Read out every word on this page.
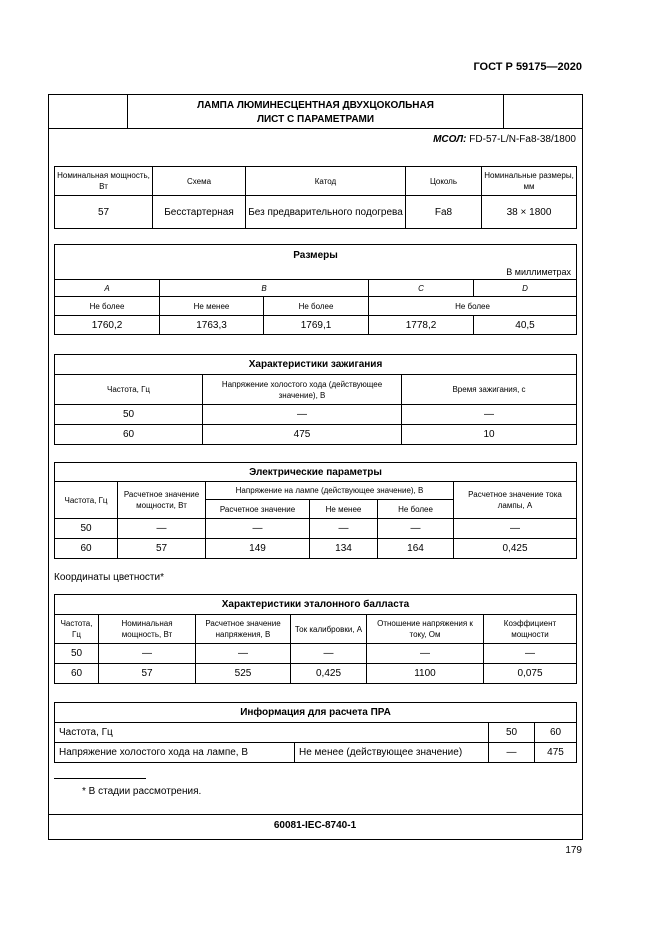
ГОСТ Р 59175—2020
ЛАМПА ЛЮМИНЕСЦЕНТНАЯ ДВУХЦОКОЛЬНАЯ
ЛИСТ С ПАРАМЕТРАМИ
МСОЛ: FD-57-L/N-Fa8-38/1800
Номинальная мощность, Вт	Схема	Катод	Цоколь	Номинальные размеры, мм
57	Бесстартерная	Без предварительного подогрева	Fa8	38 × 1800
Размеры
В миллиметрах				

A	B		C	D
Не более	Не менее	Не более	Не более	
1760,2	1763,3	1769,1	1778,2	40,5
Характеристики зажигания		
Частота, Гц	Напряжение холостого хода (действующее значение), В	Время зажигания, с
50	—	—
60	475	10
Электрические параметры					
Частота, Гц	Расчетное значение мощности, Вт	Напряжение на лампе (действующее значение), В			Расчетное значение тока лампы, А
		Расчетное значение	Не менее	Не более	
50	—	—	—	—	—
60	57	149	134	164	0,425
Координаты цветности*
Характеристики эталонного балласта					
Частота, Гц	Номинальная мощность, Вт	Расчетное значение напряжения, В	Ток калибровки, А	Отношение напряжения к току, Ом	Коэффициент мощности
50	—	—	—	—	—
60	57	525	0,425	1100	0,075
Информация для расчета ПРА			
Частота, Гц		50	60
Напряжение холостого хода на лампе, В	Не менее (действующее значение)	—	475
* В стадии рассмотрения.
60081-IEC-8740-1
179
